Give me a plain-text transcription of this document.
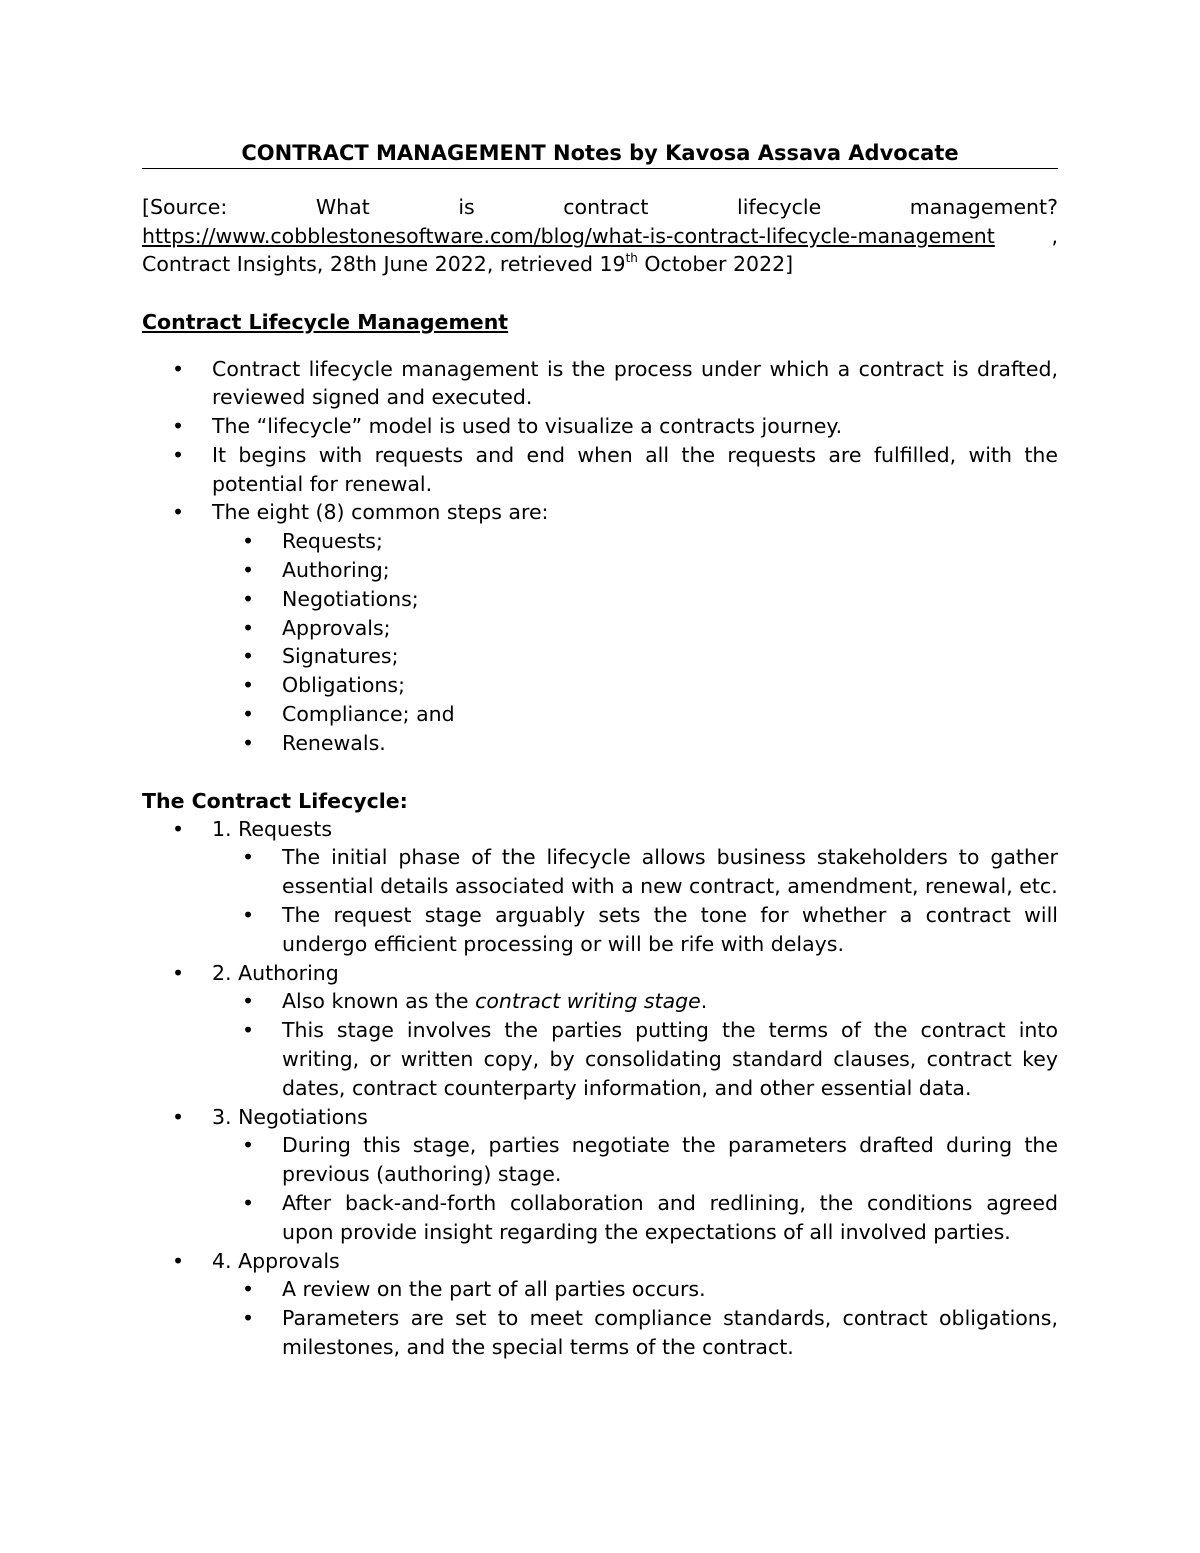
CONTRACT MANAGEMENT Notes by Kavosa Assava Advocate

[Source:	What	is	contract	lifecycle	management?
https://www.cobblestonesoftware.com/blog/what-is-contract-lifecycle-management	,
Contract Insights, 28th June 2022, retrieved 19th October 2022]

Contract Lifecycle Management
• Contract lifecycle management is the process under which a contract is drafted, reviewed signed and executed.
• The “lifecycle” model is used to visualize a contracts journey.
• It begins with requests and end when all the requests are fulfilled, with the potential for renewal.
• The eight (8) common steps are:
• Requests;
• Authoring;
• Negotiations;
• Approvals;
• Signatures;
• Obligations;
• Compliance; and
• Renewals.
The Contract Lifecycle:
• 1. Requests
• The initial phase of the lifecycle allows business stakeholders to gather essential details associated with a new contract, amendment, renewal, etc.
• The request stage arguably sets the tone for whether a contract will undergo efficient processing or will be rife with delays.
• 2. Authoring
• Also known as the contract writing stage.
• This stage involves the parties putting the terms of the contract into writing, or written copy, by consolidating standard clauses, contract key dates, contract counterparty information, and other essential data.
• 3. Negotiations
• During this stage, parties negotiate the parameters drafted during the previous (authoring) stage.
• After back-and-forth collaboration and redlining, the conditions agreed upon provide insight regarding the expectations of all involved parties.
• 4. Approvals
• A review on the part of all parties occurs.
• Parameters are set to meet compliance standards, contract obligations, milestones, and the special terms of the contract.
